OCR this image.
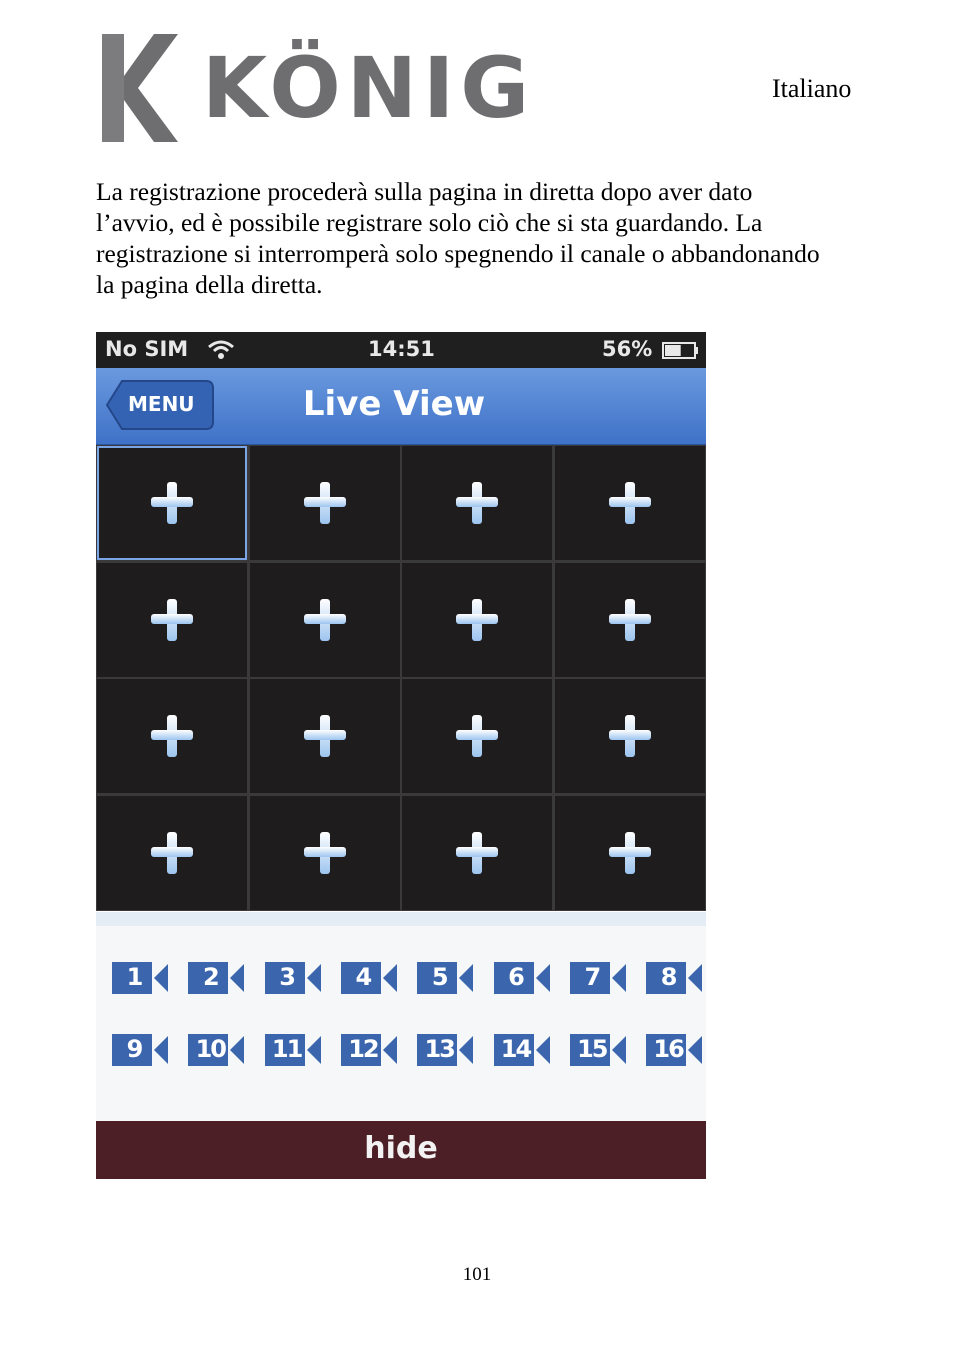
KÖNIG	Italiano
La registrazione procederà sulla pagina in diretta dopo aver dato l’avvio, ed è possibile registrare solo ciò che si sta guardando. La registrazione si interromperà solo spegnendo il canale o abbandonando la pagina della diretta.
No SIM	14:51	56%
MENU	Live View
1	2	3	4	5	6	7	8
9	10	11	12	13	14	15	16
hide
101
